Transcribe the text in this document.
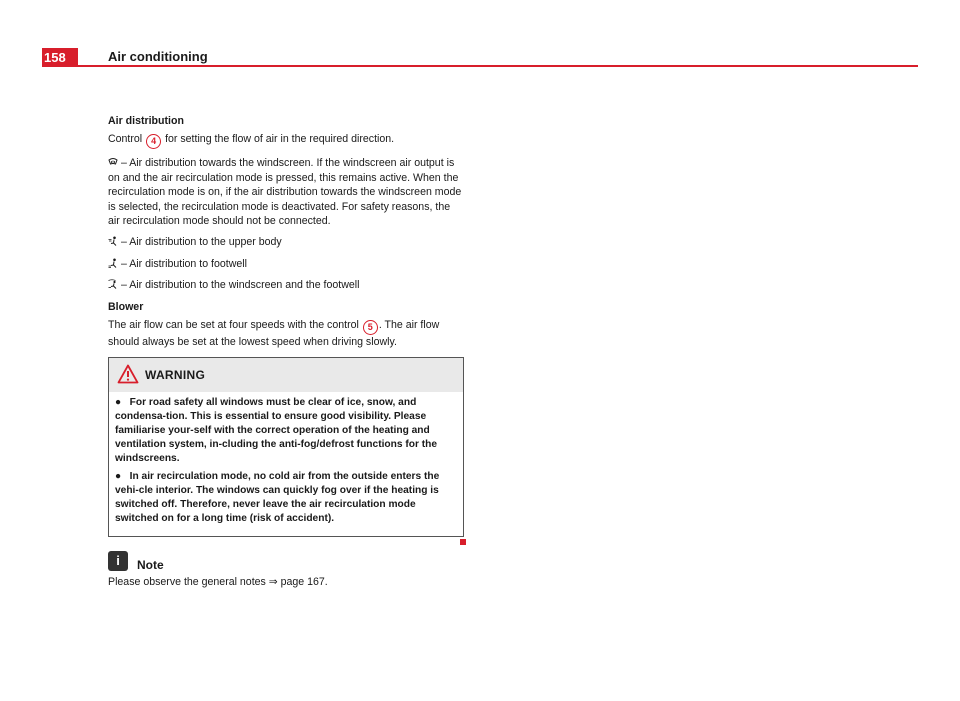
158	Air conditioning

Air distribution

Control 4 for setting the flow of air in the required direction.

– Air distribution towards the windscreen. If the windscreen air output is on and the air recirculation mode is pressed, this remains active. When the recirculation mode is on, if the air distribution towards the windscreen mode is selected, the recirculation mode is deactivated. For safety reasons, the air recirculation mode should not be connected.

– Air distribution to the upper body

– Air distribution to footwell

– Air distribution to the windscreen and the footwell

Blower

The air flow can be set at four speeds with the control 5 . The air flow should always be set at the lowest speed when driving slowly.

WARNING

●   For road safety all windows must be clear of ice, snow, and condensa-tion. This is essential to ensure good visibility. Please familiarise your-self with the correct operation of the heating and ventilation system, in-cluding the anti-fog/defrost functions for the windscreens.

●   In air recirculation mode, no cold air from the outside enters the vehi-cle interior. The windows can quickly fog over if the heating is switched off. Therefore, never leave the air recirculation mode switched on for a long time (risk of accident).

i	Note

Please observe the general notes ⇒ page 167.
